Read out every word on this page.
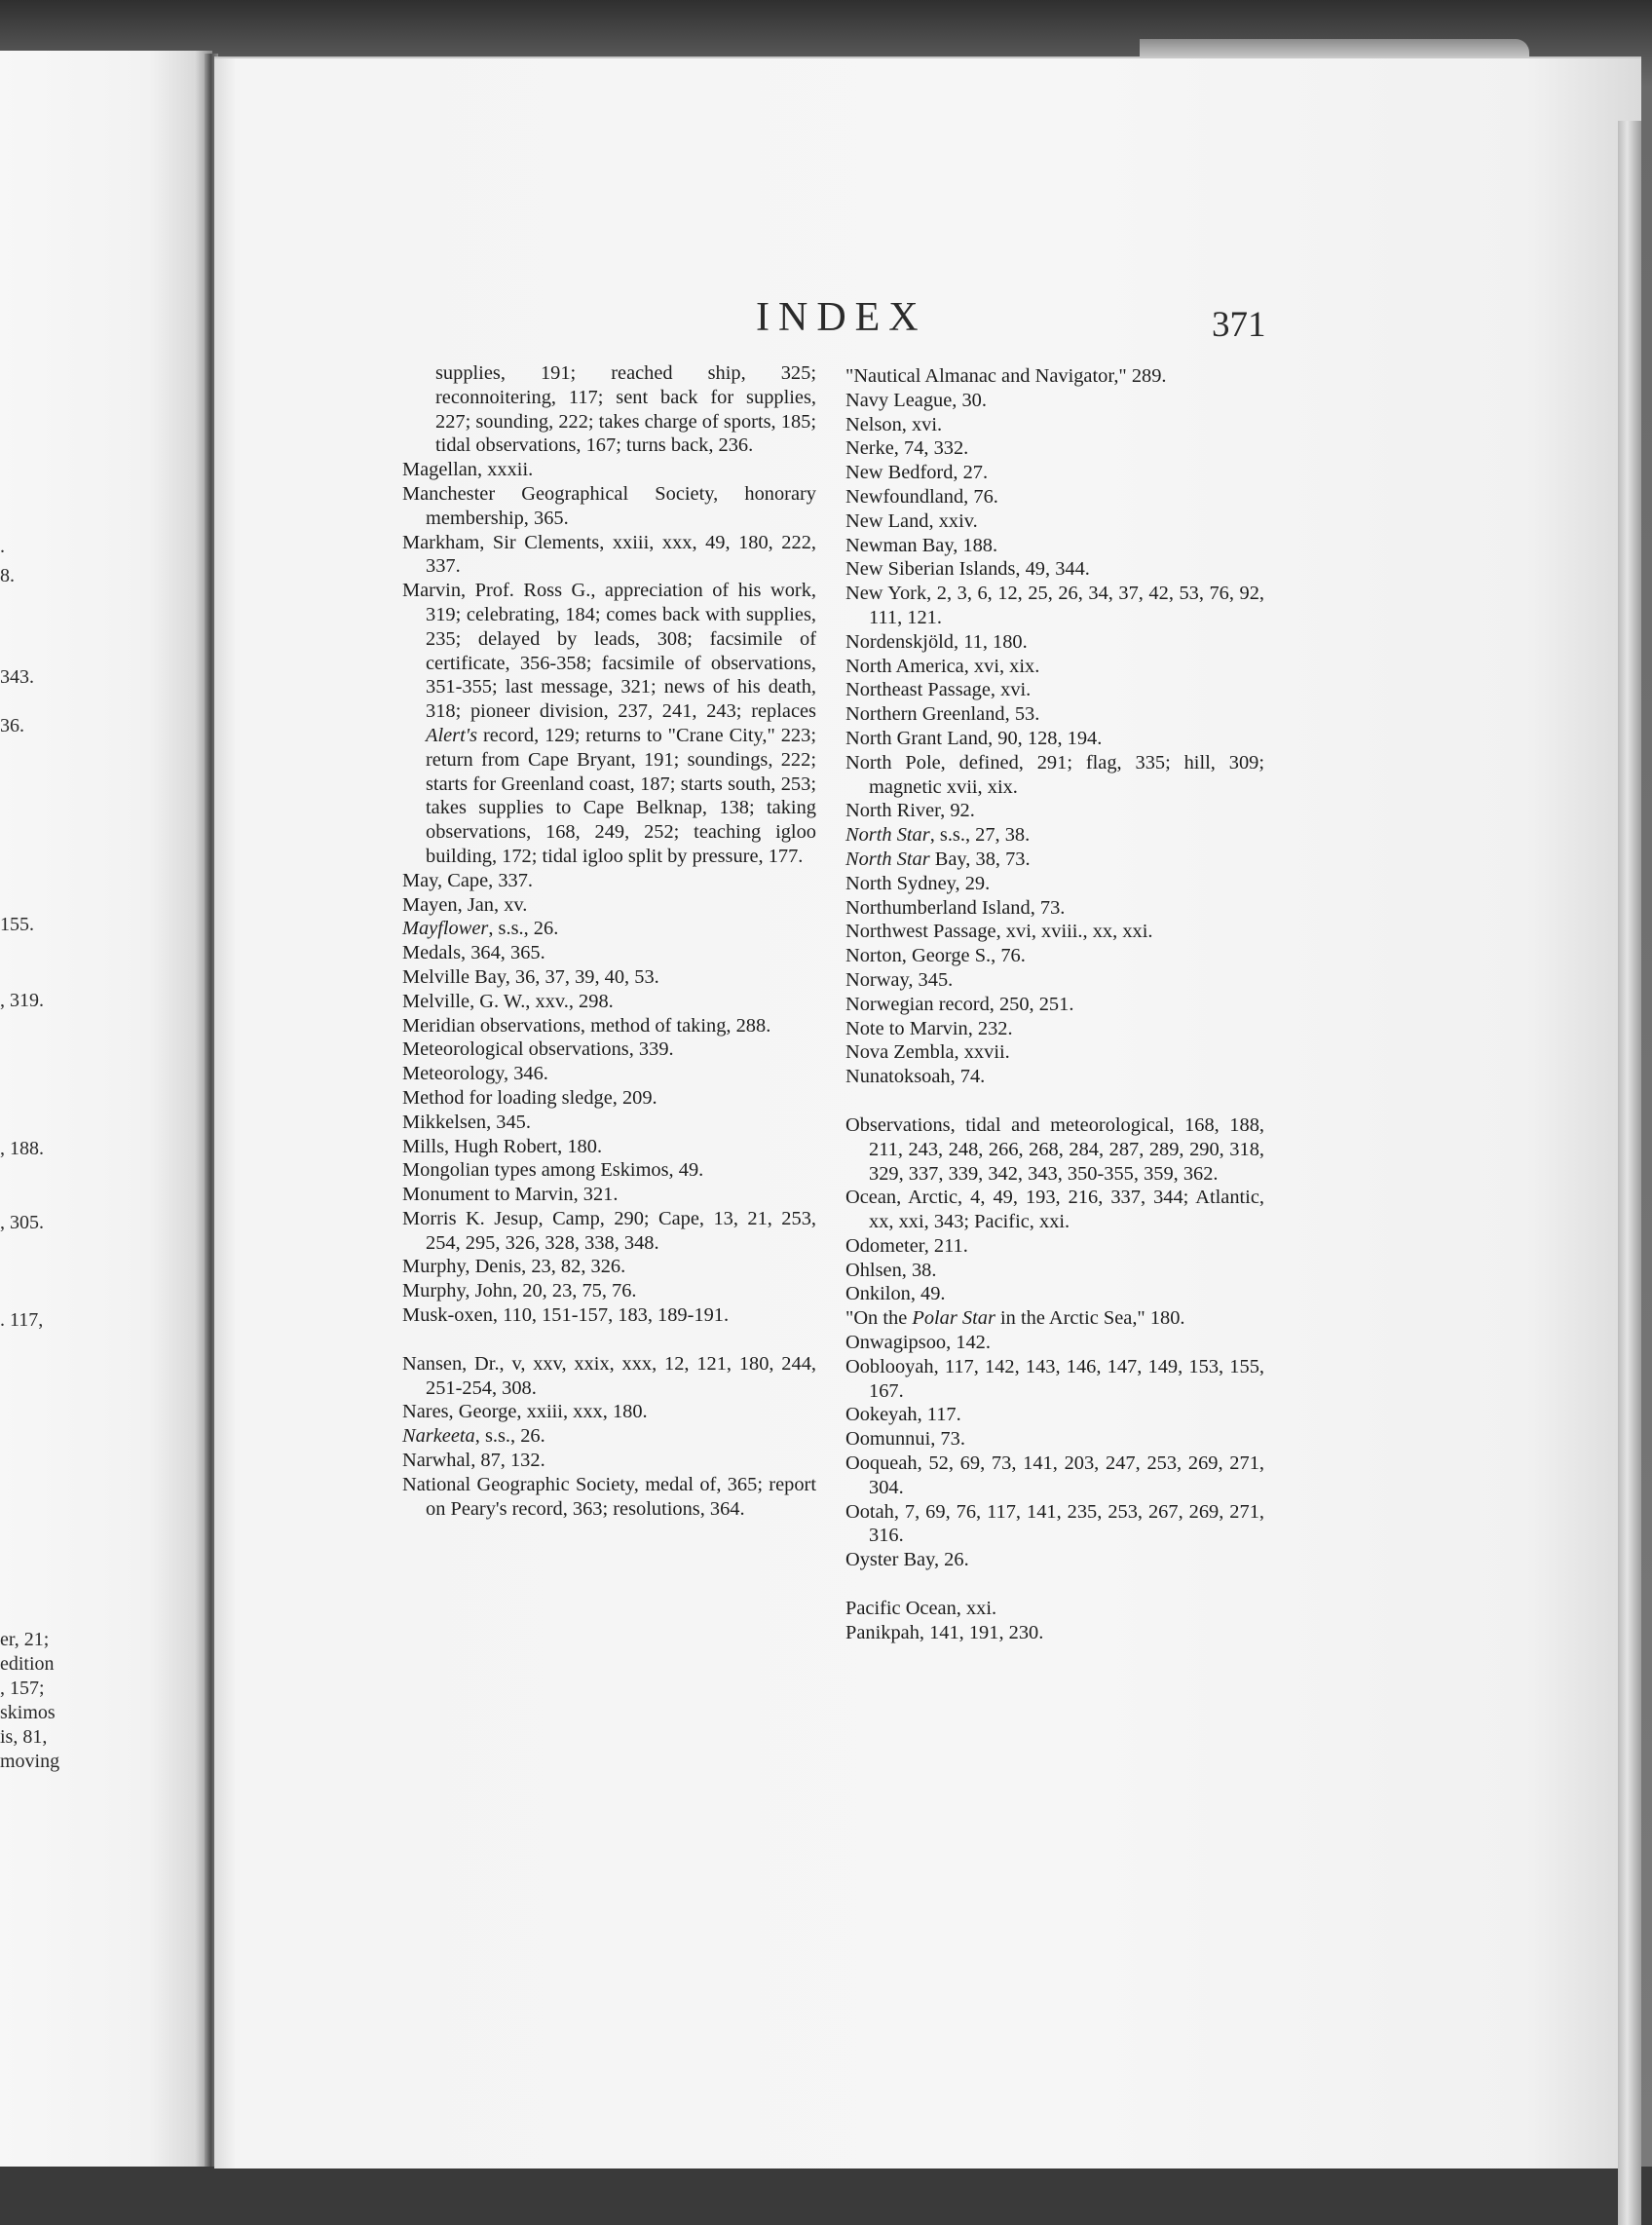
.
8.
343.
36.
155.
, 319.
, 188.
, 305.
. 117,
er, 21;
edition
, 157;
skimos
is, 81,
moving
INDEX	371
supplies, 191; reached ship, 325; reconnoitering, 117; sent back for supplies, 227; sounding, 222; takes charge of sports, 185; tidal observations, 167; turns back, 236.
Magellan, xxxii.
Manchester Geographical Society, honorary membership, 365.
Markham, Sir Clements, xxiii, xxx, 49, 180, 222, 337.
Marvin, Prof. Ross G., appreciation of his work, 319; celebrating, 184; comes back with supplies, 235; delayed by leads, 308; facsimile of certificate, 356-358; facsimile of observations, 351-355; last message, 321; news of his death, 318; pioneer division, 237, 241, 243; replaces Alert's record, 129; returns to "Crane City," 223; return from Cape Bryant, 191; soundings, 222; starts for Greenland coast, 187; starts south, 253; takes supplies to Cape Belknap, 138; taking observations, 168, 249, 252; teaching igloo building, 172; tidal igloo split by pressure, 177.
May, Cape, 337.
Mayen, Jan, xv.
Mayflower, s.s., 26.
Medals, 364, 365.
Melville Bay, 36, 37, 39, 40, 53.
Melville, G. W., xxv., 298.
Meridian observations, method of taking, 288.
Meteorological observations, 339.
Meteorology, 346.
Method for loading sledge, 209.
Mikkelsen, 345.
Mills, Hugh Robert, 180.
Mongolian types among Eskimos, 49.
Monument to Marvin, 321.
Morris K. Jesup, Camp, 290; Cape, 13, 21, 253, 254, 295, 326, 328, 338, 348.
Murphy, Denis, 23, 82, 326.
Murphy, John, 20, 23, 75, 76.
Musk-oxen, 110, 151-157, 183, 189-191.
Nansen, Dr., v, xxv, xxix, xxx, 12, 121, 180, 244, 251-254, 308.
Nares, George, xxiii, xxx, 180.
Narkeeta, s.s., 26.
Narwhal, 87, 132.
National Geographic Society, medal of, 365; report on Peary's record, 363; resolutions, 364.
"Nautical Almanac and Navigator," 289.
Navy League, 30.
Nelson, xvi.
Nerke, 74, 332.
New Bedford, 27.
Newfoundland, 76.
New Land, xxiv.
Newman Bay, 188.
New Siberian Islands, 49, 344.
New York, 2, 3, 6, 12, 25, 26, 34, 37, 42, 53, 76, 92, 111, 121.
Nordenskjöld, 11, 180.
North America, xvi, xix.
Northeast Passage, xvi.
Northern Greenland, 53.
North Grant Land, 90, 128, 194.
North Pole, defined, 291; flag, 335; hill, 309; magnetic xvii, xix.
North River, 92.
North Star, s.s., 27, 38.
North Star Bay, 38, 73.
North Sydney, 29.
Northumberland Island, 73.
Northwest Passage, xvi, xviii., xx, xxi.
Norton, George S., 76.
Norway, 345.
Norwegian record, 250, 251.
Note to Marvin, 232.
Nova Zembla, xxvii.
Nunatoksoah, 74.
Observations, tidal and meteorological, 168, 188, 211, 243, 248, 266, 268, 284, 287, 289, 290, 318, 329, 337, 339, 342, 343, 350-355, 359, 362.
Ocean, Arctic, 4, 49, 193, 216, 337, 344; Atlantic, xx, xxi, 343; Pacific, xxi.
Odometer, 211.
Ohlsen, 38.
Onkilon, 49.
"On the Polar Star in the Arctic Sea," 180.
Onwagipsoo, 142.
Ooblooyah, 117, 142, 143, 146, 147, 149, 153, 155, 167.
Ookeyah, 117.
Oomunnui, 73.
Ooqueah, 52, 69, 73, 141, 203, 247, 253, 269, 271, 304.
Ootah, 7, 69, 76, 117, 141, 235, 253, 267, 269, 271, 316.
Oyster Bay, 26.
Pacific Ocean, xxi.
Panikpah, 141, 191, 230.
